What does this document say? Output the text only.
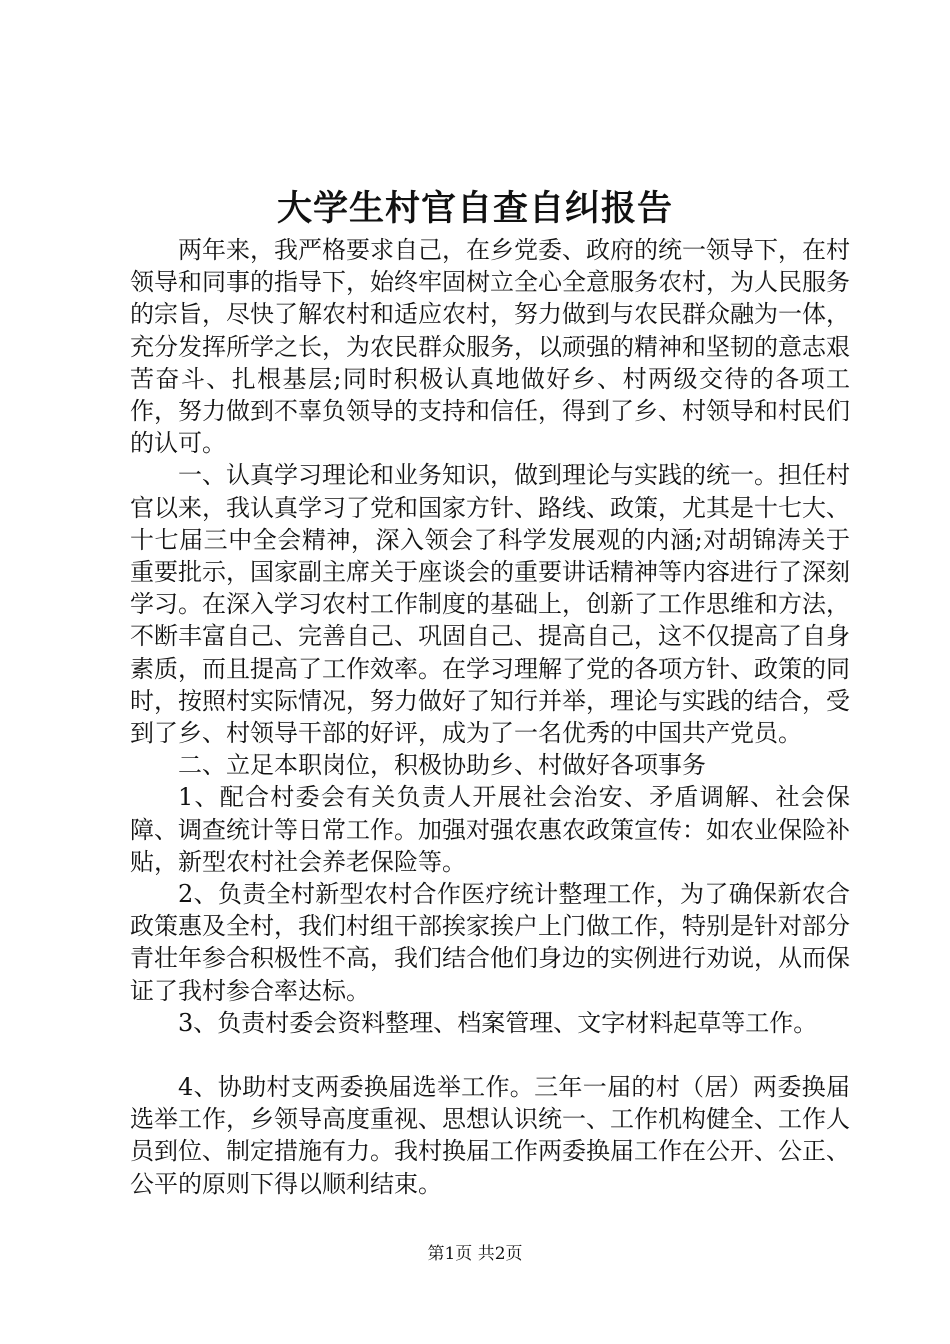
大学生村官自查自纠报告

两年来，我严格要求自己，在乡党委、政府的统一领导下，在村领导和同事的指导下，始终牢固树立全心全意服务农村，为人民服务的宗旨，尽快了解农村和适应农村，努力做到与农民群众融为一体，充分发挥所学之长，为农民群众服务，以顽强的精神和坚韧的意志艰苦奋斗、扎根基层;同时积极认真地做好乡、村两级交待的各项工作，努力做到不辜负领导的支持和信任，得到了乡、村领导和村民们的认可。

一、认真学习理论和业务知识，做到理论与实践的统一。担任村官以来，我认真学习了党和国家方针、路线、政策，尤其是十七大、十七届三中全会精神，深入领会了科学发展观的内涵;对胡锦涛关于重要批示，国家副主席关于座谈会的重要讲话精神等内容进行了深刻学习。在深入学习农村工作制度的基础上，创新了工作思维和方法，不断丰富自己、完善自己、巩固自己、提高自己，这不仅提高了自身素质，而且提高了工作效率。在学习理解了党的各项方针、政策的同时，按照村实际情况，努力做好了知行并举，理论与实践的结合，受到了乡、村领导干部的好评，成为了一名优秀的中国共产党员。

二、立足本职岗位，积极协助乡、村做好各项事务

1、配合村委会有关负责人开展社会治安、矛盾调解、社会保障、调查统计等日常工作。加强对强农惠农政策宣传：如农业保险补贴，新型农村社会养老保险等。

2、负责全村新型农村合作医疗统计整理工作，为了确保新农合政策惠及全村，我们村组干部挨家挨户上门做工作，特别是针对部分青壮年参合积极性不高，我们结合他们身边的实例进行劝说，从而保证了我村参合率达标。

3、负责村委会资料整理、档案管理、文字材料起草等工作。

4、协助村支两委换届选举工作。三年一届的村（居）两委换届选举工作，乡领导高度重视、思想认识统一、工作机构健全、工作人员到位、制定措施有力。我村换届工作两委换届工作在公开、公正、公平的原则下得以顺利结束。

第1页 共2页
